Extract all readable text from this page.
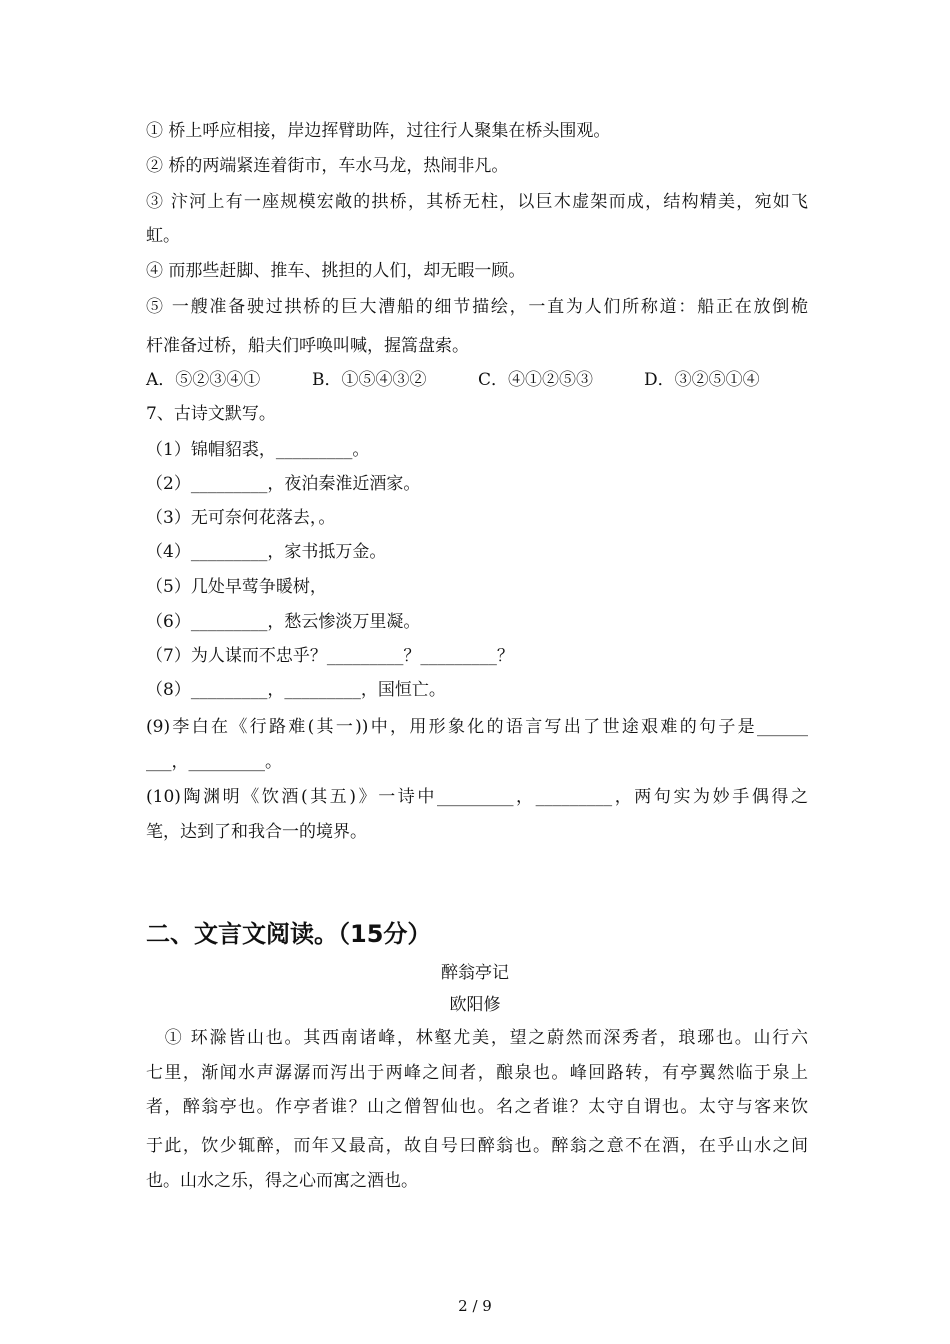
① 桥上呼应相接，岸边挥臂助阵，过往行人聚集在桥头围观。
② 桥的两端紧连着街市，车水马龙，热闹非凡。
③ 汴河上有一座规模宏敞的拱桥，其桥无柱，以巨木虚架而成，结构精美，宛如飞
虹。
④ 而那些赶脚、推车、挑担的人们，却无暇一顾。
⑤ 一艘准备驶过拱桥的巨大漕船的细节描绘，一直为人们所称道：船正在放倒桅
杆准备过桥，船夫们呼唤叫喊，握篙盘索。
A．⑤②③④①	B．①⑤④③②	C．④①②⑤③	D．③②⑤①④
7、古诗文默写。
（1）锦帽貂裘，_________。
（2）_________，夜泊秦淮近酒家。
（3）无可奈何花落去，。
（4）_________，家书抵万金。
（5）几处早莺争暖树，
（6）_________，愁云惨淡万里凝。
（7）为人谋而不忠乎？_________？_________？
（8）_________，_________，国恒亡。
(9)李白在《行路难(其一))中，用形象化的语言写出了世途艰难的句子是______
___，_________。
(10)陶渊明《饮酒(其五)》一诗中_________，_________，两句实为妙手偶得之
笔，达到了和我合一的境界。
二、文言文阅读。（15分）
醉翁亭记
欧阳修
　① 环滁皆山也。其西南诸峰，林壑尤美，望之蔚然而深秀者，琅琊也。山行六
七里，渐闻水声潺潺而泻出于两峰之间者，酿泉也。峰回路转，有亭翼然临于泉上
者，醉翁亭也。作亭者谁？山之僧智仙也。名之者谁？太守自谓也。太守与客来饮
于此，饮少辄醉，而年又最高，故自号曰醉翁也。醉翁之意不在酒，在乎山水之间
也。山水之乐，得之心而寓之酒也。
2 / 9
